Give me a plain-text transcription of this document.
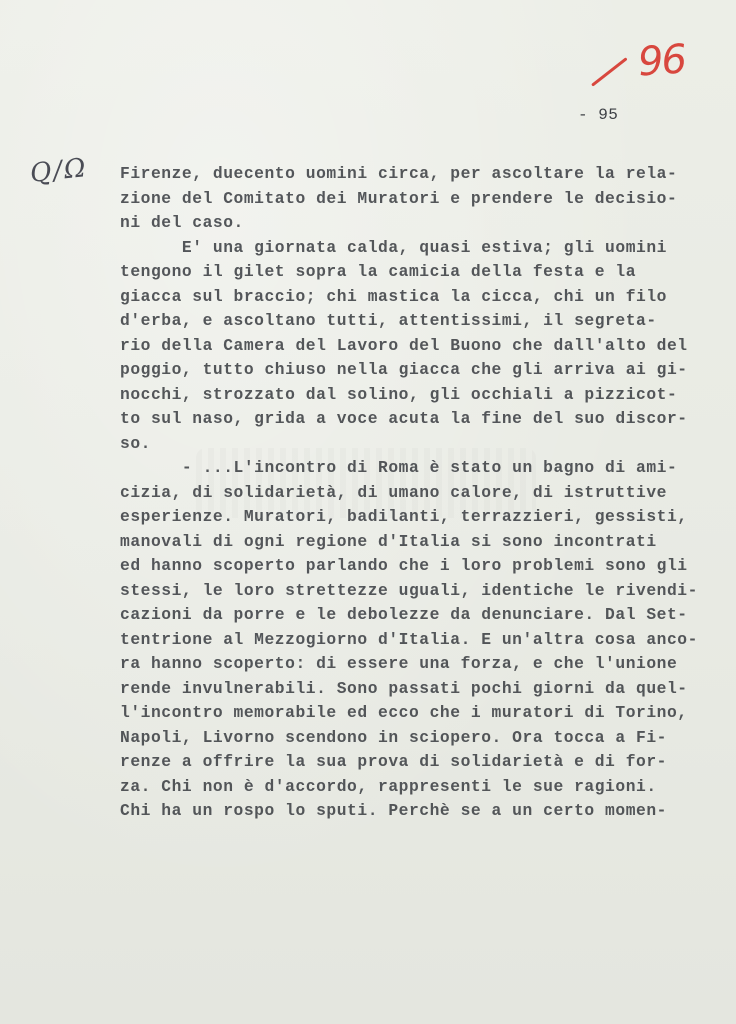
96
- 95
Q/Ω Firenze, duecento uomini circa, per ascoltare la rela-
zione del Comitato dei Muratori e prendere le decisio-
ni del caso.
E' una giornata calda, quasi estiva; gli uomini
tengono il gilet sopra la camicia della festa e la
giacca sul braccio; chi mastica la cicca, chi un filo
d'erba, e ascoltano tutti, attentissimi, il segreta-
rio della Camera del Lavoro del Buono che dall'alto del
poggio, tutto chiuso nella giacca che gli arriva ai gi-
nocchi, strozzato dal solino, gli occhiali a pizzicot-
to sul naso, grida a voce acuta la fine del suo discor-
so.
- ...L'incontro di Roma è stato un bagno di ami-
cizia, di solidarietà, di umano calore, di istruttive
esperienze. Muratori, badilanti, terrazzieri, gessisti,
manovali di ogni regione d'Italia si sono incontrati
ed hanno scoperto parlando che i loro problemi sono gli
stessi, le loro strettezze uguali, identiche le rivendi-
cazioni da porre e le debolezze da denunciare. Dal Set-
tentrione al Mezzogiorno d'Italia. E un'altra cosa anco-
ra hanno scoperto: di essere una forza, e che l'unione
rende invulnerabili. Sono passati pochi giorni da quel-
l'incontro memorabile ed ecco che i muratori di Torino,
Napoli, Livorno scendono in sciopero. Ora tocca a Fi-
renze a offrire la sua prova di solidarietà e di for-
za. Chi non è d'accordo, rappresenti le sue ragioni.
Chi ha un rospo lo sputi. Perchè se a un certo momen-
